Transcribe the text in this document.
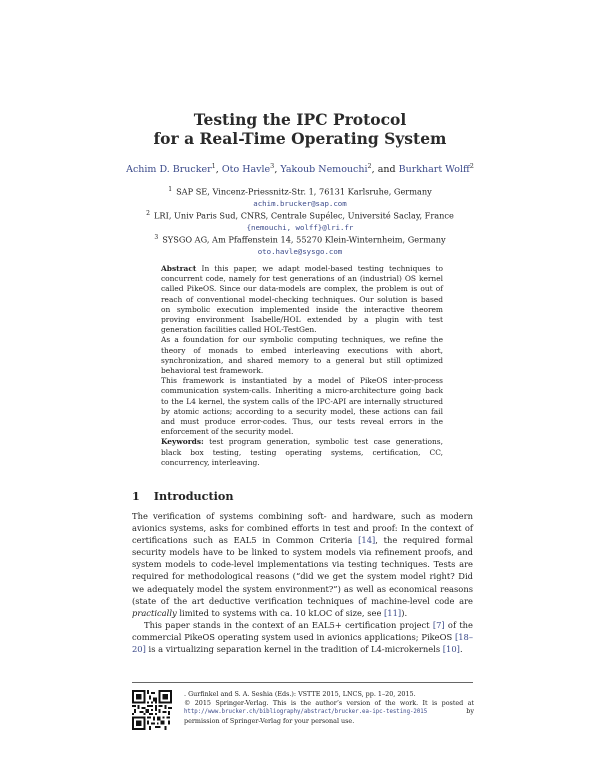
Testing the IPC Protocol
for a Real-Time Operating System
Achim D. Brucker$^1$, Oto Havle$^3$, Yakoub Nemouchi$^2$, and Burkhart Wolff$^2$
$^1$ SAP SE, Vincenz-Priessnitz-Str. 1, 76131 Karlsruhe, Germany
achim.brucker@sap.com
$^2$ LRI, Univ Paris Sud, CNRS, Centrale Supélec, Université Saclay, France
{nemouchi, wolff}@lri.fr
$^3$ SYSGO AG, Am Pfaffenstein 14, 55270 Klein-Winternheim, Germany
oto.havle@sysgo.com

Abstract In this paper, we adapt model-based testing techniques to concurrent code, namely for test generations of an (industrial) OS kernel called PikeOS. Since our data-models are complex, the problem is out of reach of conventional model-checking techniques. Our solution is based on symbolic execution implemented inside the interactive theorem proving environment Isabelle/HOL extended by a plugin with test generation facilities called HOL-TestGen.

As a foundation for our symbolic computing techniques, we refine the theory of monads to embed interleaving executions with abort, synchronization, and shared memory to a general but still optimized behavioral test framework.

This framework is instantiated by a model of PikeOS inter-process communication system-calls. Inheriting a micro-architecture going back to the L4 kernel, the system calls of the IPC-API are internally structured by atomic actions; according to a security model, these actions can fail and must produce error-codes. Thus, our tests reveal errors in the enforcement of the security model.

Keywords: test program generation, symbolic test case generations, black box testing, testing operating systems, certification, CC, concurrency, interleaving.

1 Introduction

The verification of systems combining soft- and hardware, such as modern avionics systems, asks for combined efforts in test and proof: In the context of certifications such as EAL5 in Common Criteria [14], the required formal security models have to be linked to system models via refinement proofs, and system models to code-level implementations via testing techniques. Tests are required for methodological reasons (“did we get the system model right? Did we adequately model the system environment?”) as well as economical reasons (state of the art deductive verification techniques of machine-level code are practically limited to systems with ca. 10 kLOC of size, see [11]).

This paper stands in the context of an EAL5+ certification project [7] of the commercial PikeOS operating system used in avionics applications; PikeOS [18–20] is a virtualizing separation kernel in the tradition of L4-microkernels [10].

. Gurfinkel and S. A. Seshia (Eds.): VSTTE 2015, LNCS, pp. 1–20, 2015.
© 2015 Springer-Verlag. This is the author’s version of the work. It is posted at http://www.brucker.ch/bibliography/abstract/brucker.ea-ipc-testing-2015 by permission of Springer-Verlag for your personal use.
